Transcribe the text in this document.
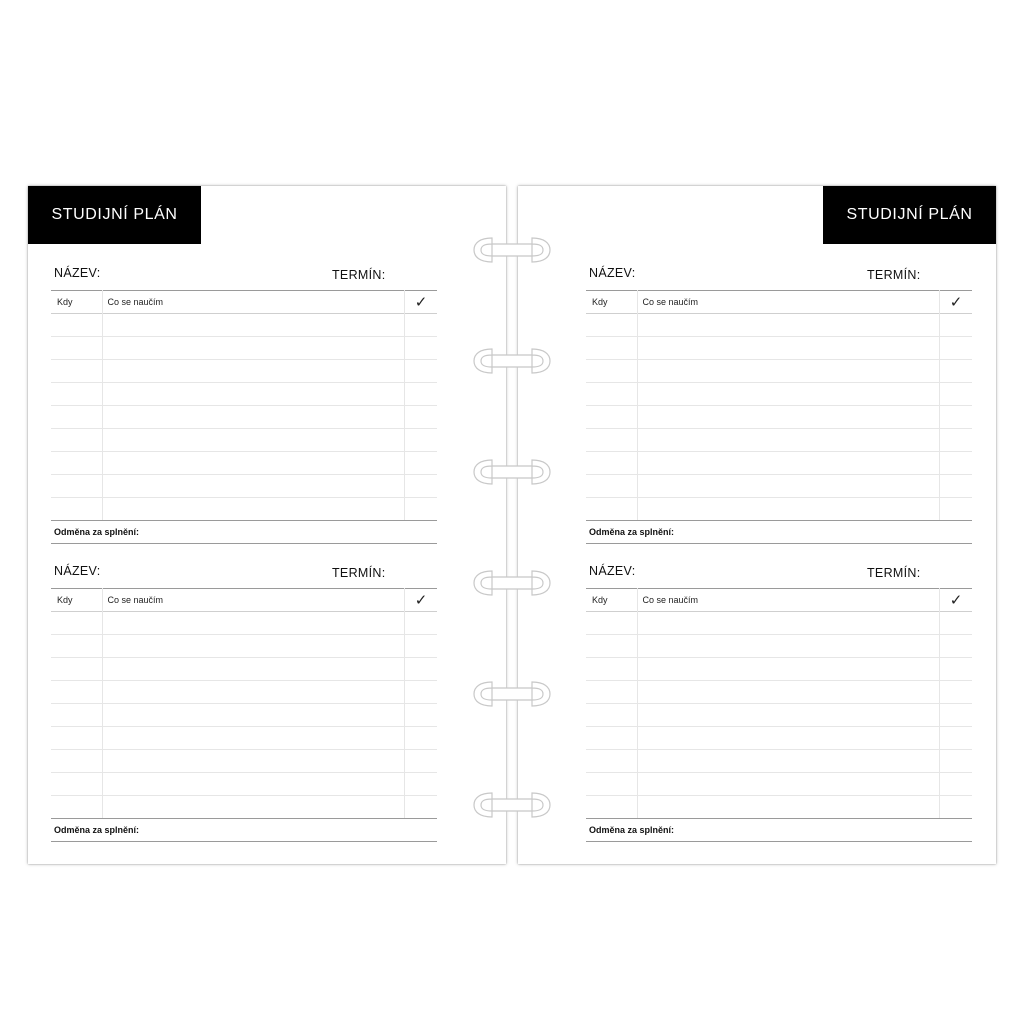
STUDIJNÍ PLÁN
NÁZEV:	TERMÍN:
Kdy	Co se naučím	✓

Odměna za splnění:
NÁZEV:	TERMÍN:
Kdy	Co se naučím	✓

Odměna za splnění:
STUDIJNÍ PLÁN
NÁZEV:	TERMÍN:
Kdy	Co se naučím	✓

Odměna za splnění:
NÁZEV:	TERMÍN:
Kdy	Co se naučím	✓

Odměna za splnění:
